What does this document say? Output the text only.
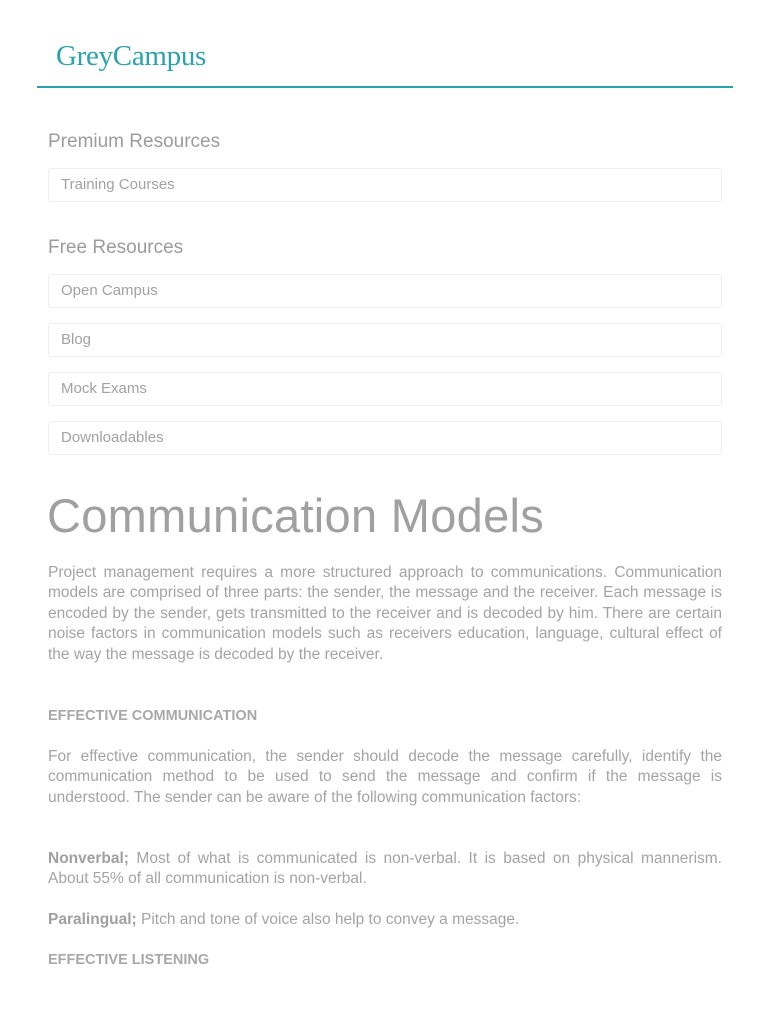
GreyCampus
Premium Resources
Training Courses
Free Resources
Open Campus
Blog
Mock Exams
Downloadables
Communication Models

Project management requires a more structured approach to communications. Communication models are comprised of three parts: the sender, the message and the receiver. Each message is encoded by the sender, gets transmitted to the receiver and is decoded by him. There are certain noise factors in communication models such as receivers education, language, cultural effect of the way the message is decoded by the receiver.

EFFECTIVE COMMUNICATION

For effective communication, the sender should decode the message carefully, identify the communication method to be used to send the message and confirm if the message is understood. The sender can be aware of the following communication factors:

Nonverbal; Most of what is communicated is non-verbal. It is based on physical mannerism. About 55% of all communication is non-verbal.

Paralingual; Pitch and tone of voice also help to convey a message.

EFFECTIVE LISTENING
